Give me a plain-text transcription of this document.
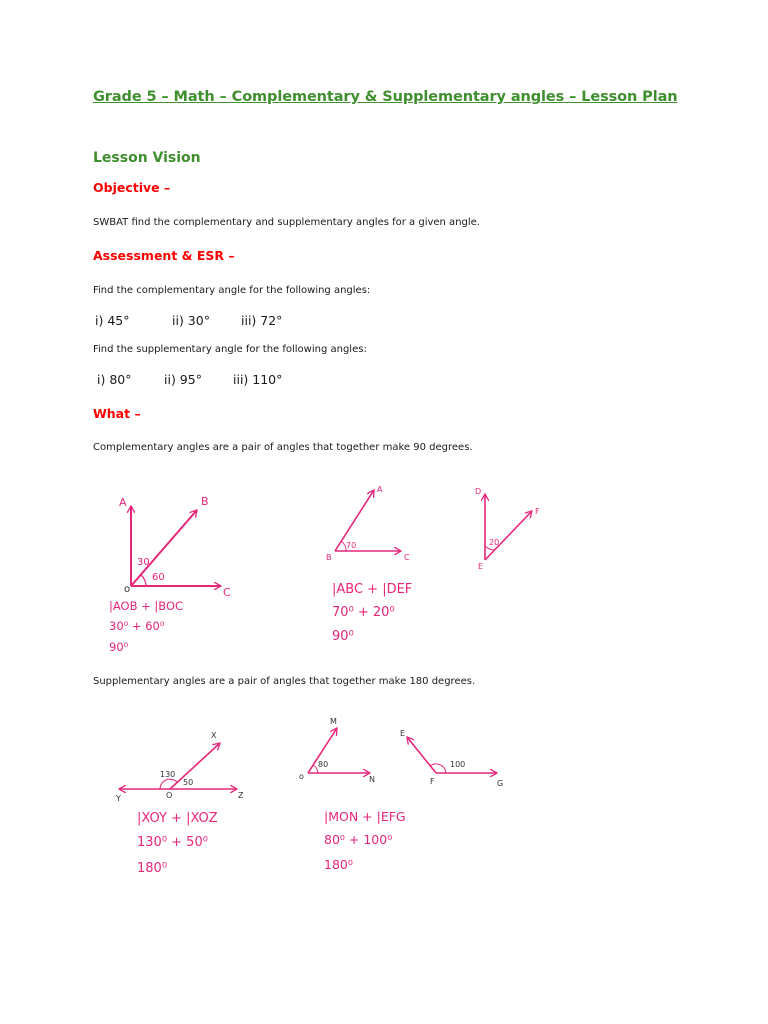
Grade 5 – Math – Complementary & Supplementary angles – Lesson Plan
Lesson Vision
Objective –
SWBAT find the complementary and supplementary angles for a given angle.
Assessment & ESR –
Find the complementary angle for the following angles:
i) 45°	ii) 30° iii) 72°
Find the supplementary angle for the following angles:
i) 80°	ii) 95° iii) 110°
What –
Complementary angles are a pair of angles that together make 90 degrees.
Supplementary angles are a pair of angles that together make 180 degrees.
A	B
C
o
30
60
|AOB + |BOC
30⁰ + 60⁰
90⁰
A
B	C
70
D
E
F
20
|ABC + |DEF
70⁰ + 20⁰
90⁰
X
Y	Z
O
130
50
|XOY + |XOZ
130⁰ + 50⁰
180⁰
M
o	N
80
E
F	G
100
|MON + |EFG
80⁰ + 100⁰
180⁰
